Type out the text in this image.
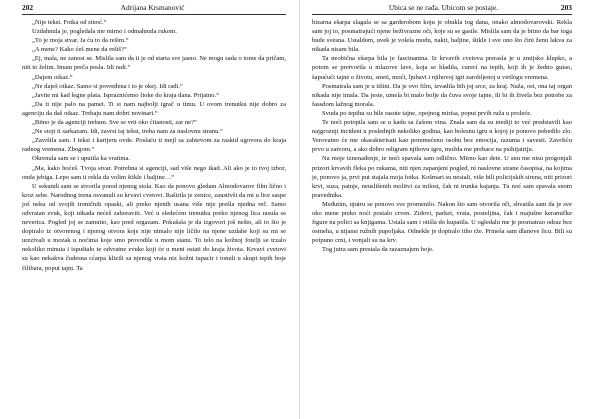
202	Adrijana Krsmanović

„Nije tekst. Fotka od sinoć.“

Uzdahnula je, pogledala me mirno i odmahnula rukom.

„To je moja stvar. Ja ću to da rešim.“

„A mene? Kako ćeš mene da rešiš?“

„Ej, mala, ne zanosi se. Mislila sam da ti je od starta sve jasno. Ne mogu sada o tome da pričam, niti to želim. Imam preča posla. Idi radi.“

„Dajem otkaz.“

„Ne daješ otkaz. Samo si povređena i to je okej. Idi radi.“

„Javite mi kad legne plata. Ispraznićemo fioke do kraja dana. Prijatno.“

„Da ti nije palo na pamet. Ti si nam najbolji igrač u timu. U ovom trenutku nije dobro za agenciju da daš otkaz. Trebaju nam dobri novinari.“

„Bitno je da agenciji trebam. Sve se vrti oko ćitanosti, zar ne?“

„Ne stoji ti sarkazam. Idi, zavrsi taj tekst, treba nam za naslovnu stranu.“

„Završila sam. I tekst i karijeru ovde. Poslaću ti mejl sa zahtevom za raskid ugovora do kraja radnog vremena. Zbogom.“

Okrenula sam se i uputila ka vratima.

„Ma, kako hoćeš. Tvoja stvar. Potrebna si agenciji, sad više nego ikad. Ali ako je to tvoj izbor, onda jebiga. Lepo sam ti rekla da volim štikle i haljine…“

U sekundi sam se stvorila pored njenog stola. Kao da ponovo gledam Almodovarov film lično i kroz sebe. Narodnog trena osvanuli su krvavi cvetovi. Raširila je zenice, zaustivši da mi u lice saspe još neku od svojih ironičnih opaski, ali preko njenih usana više nije prešla njedna reč. Samo odvratan zvuk, koji nikada nećeš zaboraviti. Već u sledećem trenutku preko njenog lica rasula se neverica. Pogled joj se zamutio, kao pred orgazam. Pokušala je da izgovori još nešto, ali to što je dopiralo iz otvorenog i njenog otvora koje nije nimalo nije ličilo na njene uzdahe koji su mi se urezivali u mozak u noćima koje smo provodile u mom stanu. To telo na kožnoj fotelji se trzalo nekoliko minuta i ispuštalo te odvratne zvuke koji će u meni ostati do kraja života. Krvavi cvetovi su kao nekakva čudesna cćarpa klizili sa njenog vrata niz kožni tapacir i tonuli u skupi tepih boje čilibara, poput tajni. Ta

Ubica se ne rađa. Ubicom se postaje.	203

bizarna ešarpa slagala se sa garderobom koju je obukla tog dana, onako almodovarovski. Rekla sam joj to, posmatrajući njene beživrazne oči, koje su se gasile. Mislila sam da je bitno da bar toga bude svesna. Ustaldom, uvek je volela modu, nakit, haljine, štikle i sve ono što čini ženu lakva za nikada nisam bila.

Ta neobična ešarpa bila je fascinantna. Iz krvavih cvetova prerasla je u zmijsko klupko, a potom se pretvorila u mlazove lave, koja se hladila, curecí na tepih, koji ih je žedno gutao, šapućući tajne o životu, smrti, moći, ljubavi i njihovoj igri zarobljenoj u virtlogu vremena.

Posmatrala sam je u tišini. Da je ovo film, izvadila bih joj srce, za kraj. Naža, ost, ona taj organ nikada nije imala. Da jeste, umela bi malo bolje da čuva svoje tajne, ili bi ih živela bez potrebe za fassdom lažnog morala.

Svuda po tepihu su bile rasute tajne, opojnog mirisa, poput prvih ruža u proleće.

Te noći potopila sam se u kadu sa čašom vina. Znala sam da su mediji to već predstavili kao najgroznji incident u poslednjih nekoliko godina, kao bolesnu igru u kojoj je ponovo pobedilo zlo. Verovatno će me okarakterisati kao poremećenu osobu bez emocija, razuma i savesti. Završiću prvo u zatvoru, a ako dobro odigram njihovu igru, možda me prebace na psihijatriju.

Na moje iznenađenje, te noći spavala sam odlično. Mirno kao dete. U snu me nisu progonjali prizori krvavih fleka po rukama, niti njen zapanjeni pogled, ni naslovne strane časopisa, na kojima je, ponovo ja, prvi put stajala moja fotka. Košmari su nestali, više bili policijskih sirena, niti prizori krvi, suza, patnje, neuslišenih molitvi za milost, čak ni trunka kajanja. Tu noć sam spavala snom pravednika.

Međutim, ujutru se ponovo sve promenilo. Nakon što sam otvorila oči, shvatila sam da je sve oko mene preko noći postalo crven. Zidovi, parket, vrata, posteljina, čak i majušne keramičke figure na polici sa knjigama. Ustala sam i otišla do kupatila. U ogledalu me je posmatrao odraz bez osmeha, u nijansi ružnih pupoljaka. Odnekle je dopiralo tiho rže. Prineša sam dlanove licu. Bili su potpuno crni, i vonjali su na krv.

Tog jutra sam prestala da razaznajem boje.
